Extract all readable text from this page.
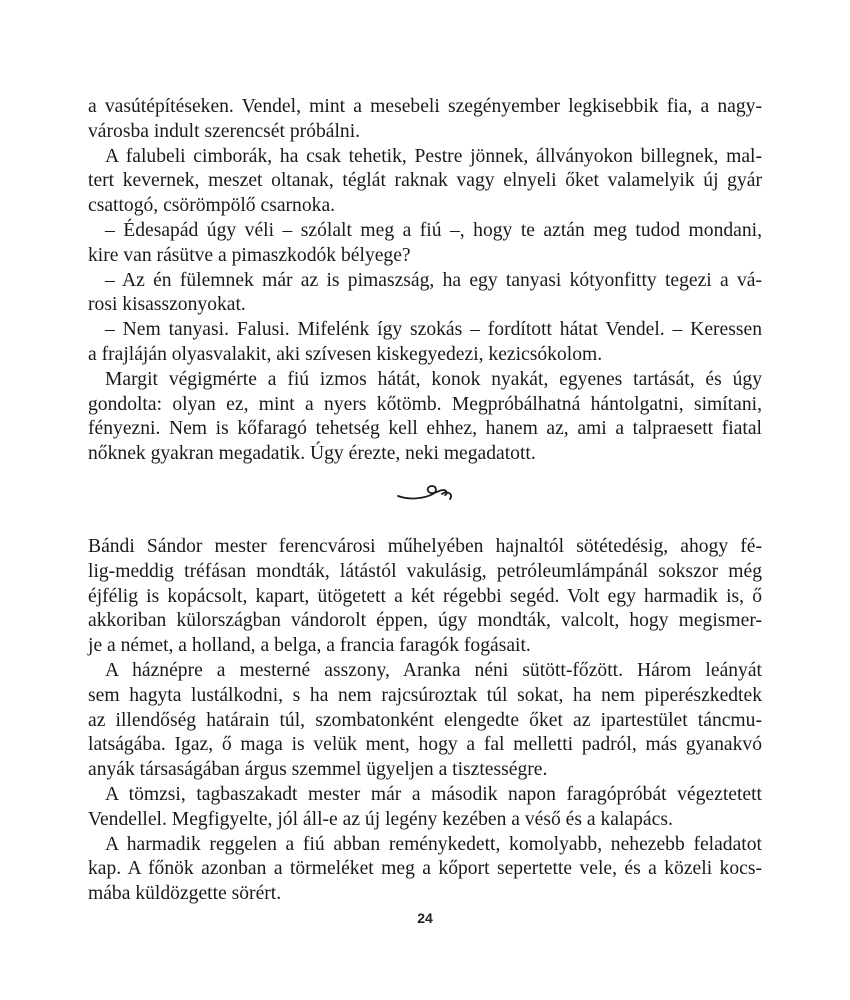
a vasútépítéseken. Vendel, mint a mesebeli szegényember legkisebbik fia, a nagy-
városba indult szerencsét próbálni.
A falubeli cimborák, ha csak tehetik, Pestre jönnek, állványokon billegnek, mal-
tert kevernek, meszet oltanak, téglát raknak vagy elnyeli őket valamelyik új gyár
csattogó, csörömpölő csarnoka.
– Édesapád úgy véli – szólalt meg a fiú –, hogy te aztán meg tudod mondani,
kire van rásütve a pimaszkodók bélyege?
– Az én fülemnek már az is pimaszság, ha egy tanyasi kótyonfitty tegezi a vá-
rosi kisasszonyokat.
– Nem tanyasi. Falusi. Mifelénk így szokás – fordított hátat Vendel. – Keressen
a frajláján olyasvalakit, aki szívesen kiskegyedezi, kezicsókolom.
Margit végigmérte a fiú izmos hátát, konok nyakát, egyenes tartását, és úgy
gondolta: olyan ez, mint a nyers kőtömb. Megpróbálhatná hántolgatni, simítani,
fényezni. Nem is kőfaragó tehetség kell ehhez, hanem az, ami a talpraesett fiatal
nőknek gyakran megadatik. Úgy érezte, neki megadatott.
Bándi Sándor mester ferencvárosi műhelyében hajnaltól sötétedésig, ahogy fé-
lig-meddig tréfásan mondták, látástól vakulásig, petróleumlámpánál sokszor még
éjfélig is kopácsolt, kapart, ütögetett a két régebbi segéd. Volt egy harmadik is, ő
akkoriban külországban vándorolt éppen, úgy mondták, valcolt, hogy megismer-
je a német, a holland, a belga, a francia faragók fogásait.
A háznépre a mesterné asszony, Aranka néni sütött-főzött. Három leányát
sem hagyta lustálkodni, s ha nem rajcsúroztak túl sokat, ha nem piperészkedtek
az illendőség határain túl, szombatonként elengedte őket az ipartestület táncmu-
latságába. Igaz, ő maga is velük ment, hogy a fal melletti padról, más gyanakvó
anyák társaságában árgus szemmel ügyeljen a tisztességre.
A tömzsi, tagbaszakadt mester már a második napon faragópróbát végeztetett
Vendellel. Megfigyelte, jól áll-e az új legény kezében a véső és a kalapács.
A harmadik reggelen a fiú abban reménykedett, komolyabb, nehezebb feladatot
kap. A főnök azonban a törmeléket meg a kőport sepertette vele, és a közeli kocs-
mába küldözgette sörért.
24
